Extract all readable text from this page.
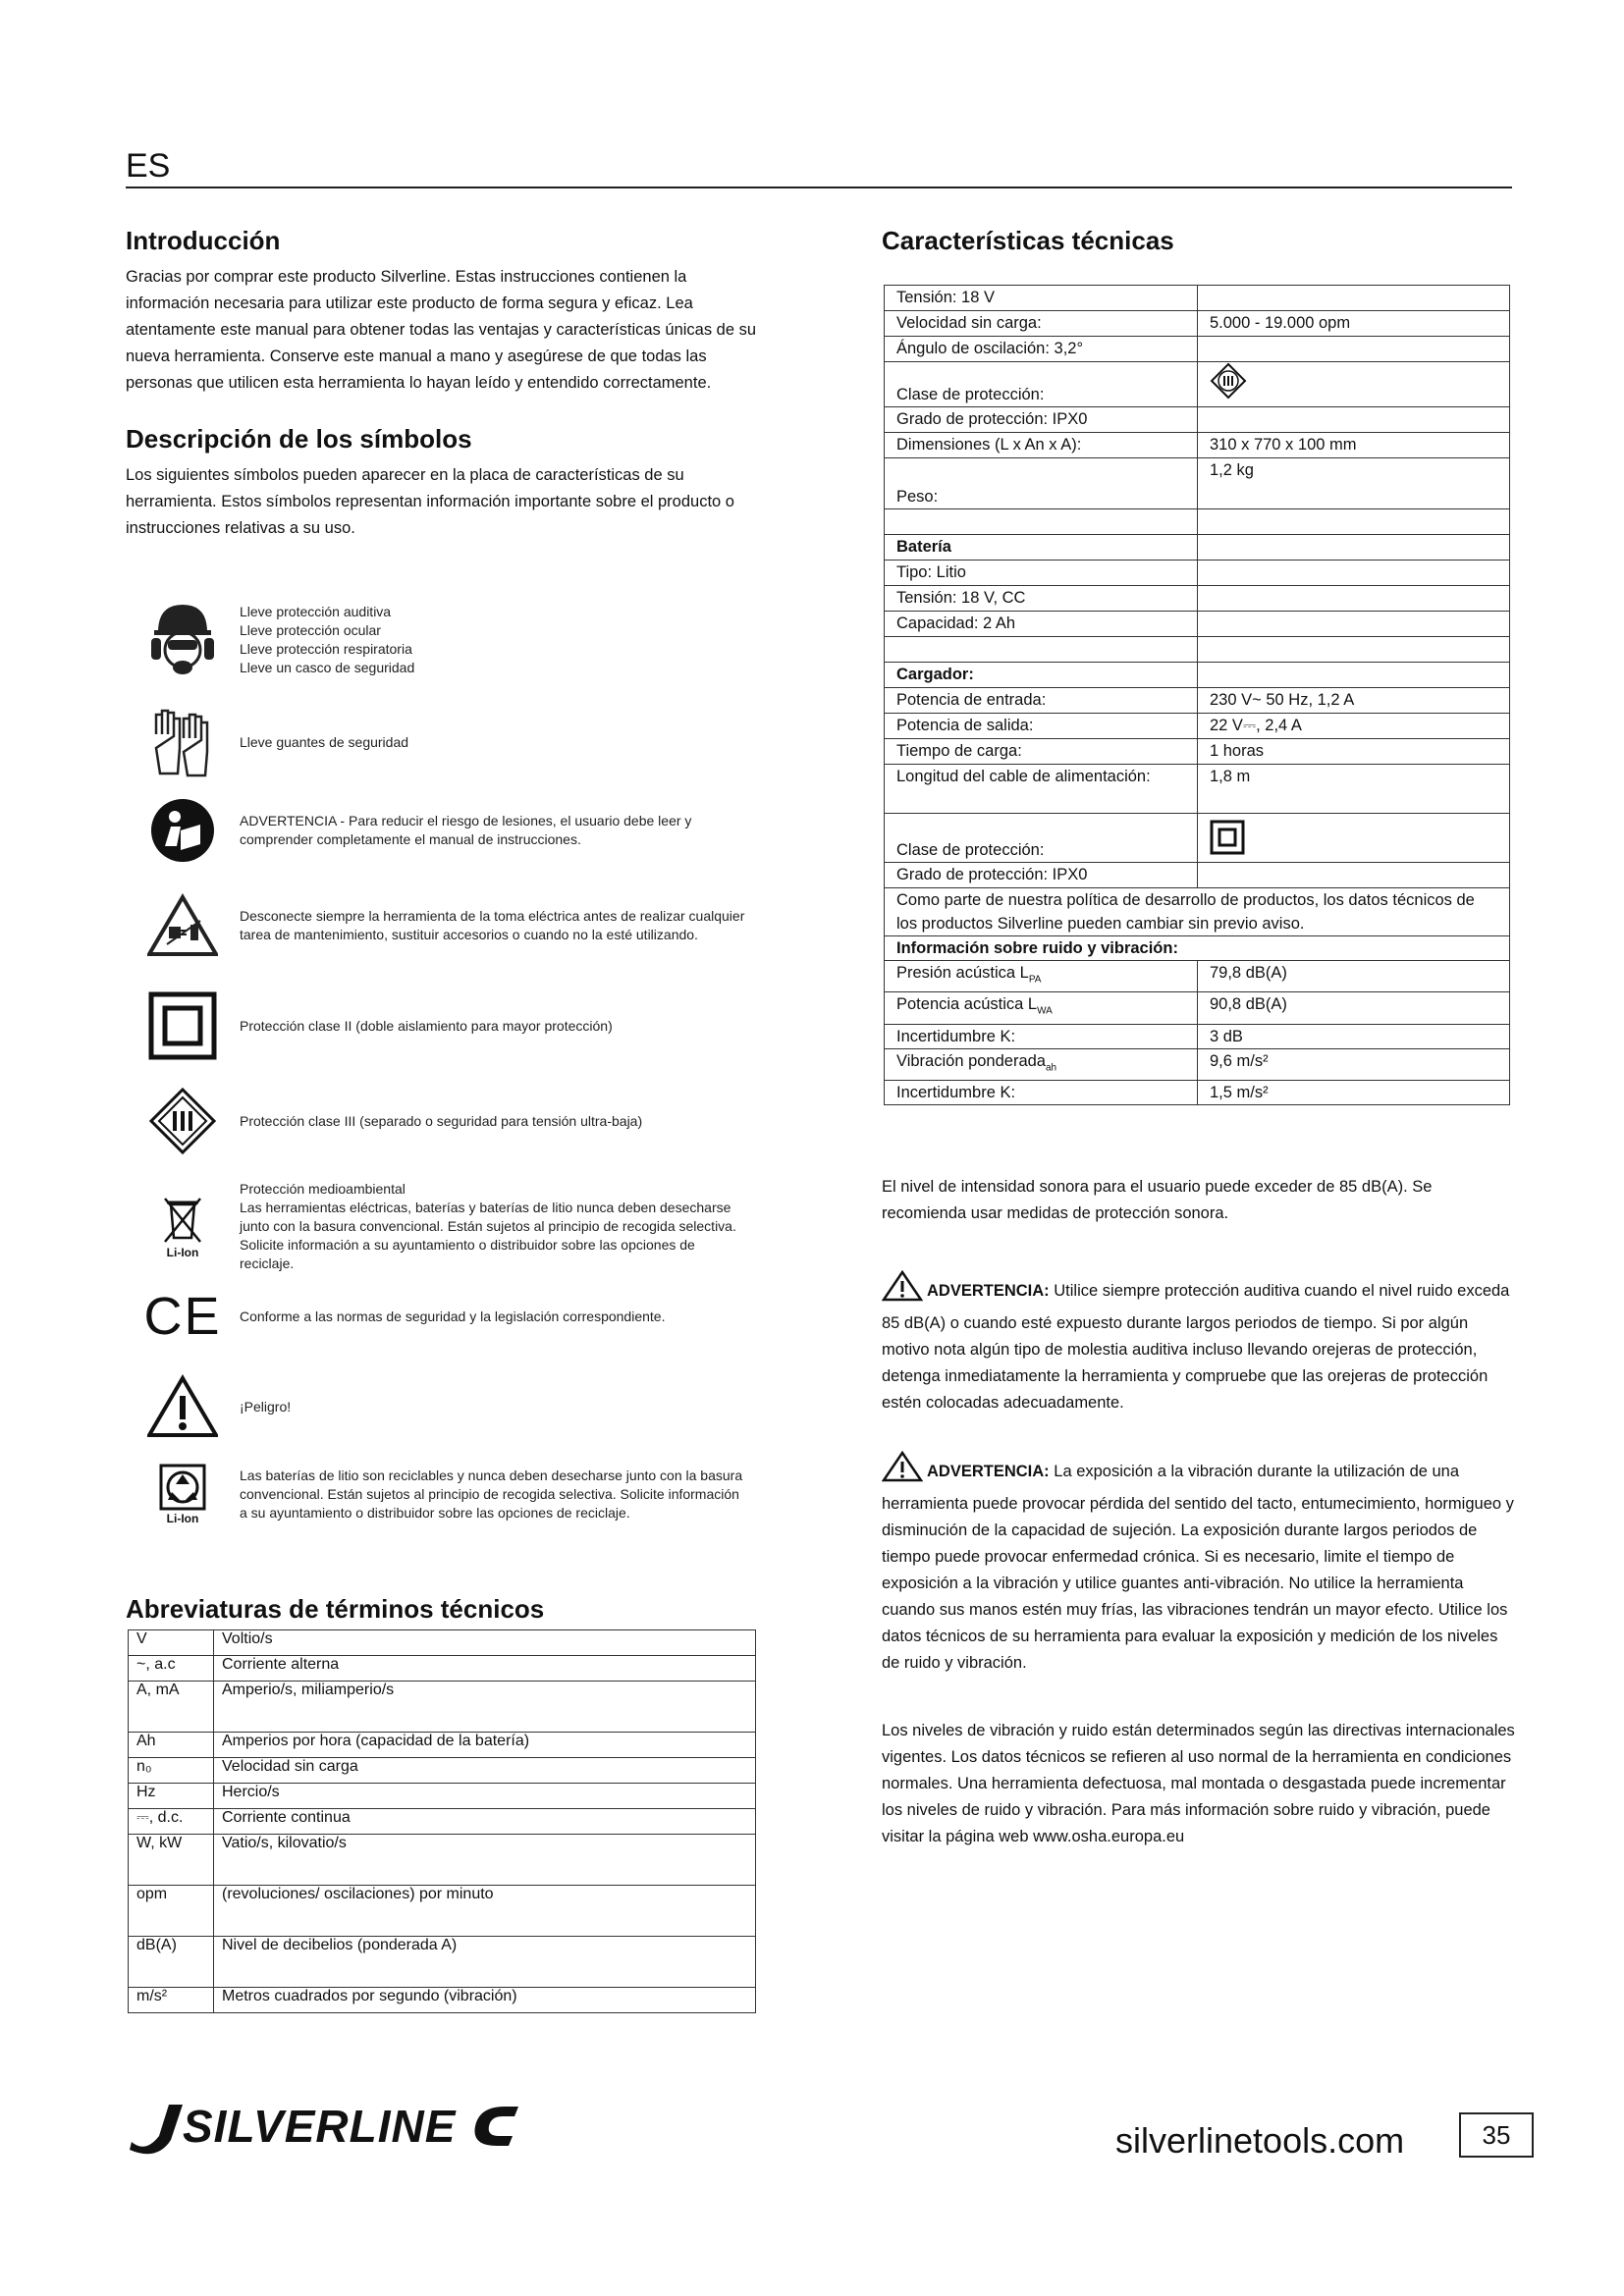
ES
Introducción

Gracias por comprar este producto Silverline. Estas instrucciones contienen la información necesaria para utilizar este producto de forma segura y eficaz. Lea atentamente este manual para obtener todas las ventajas y características únicas de su nueva herramienta. Conserve este manual a mano y asegúrese de que todas las personas que utilicen esta herramienta lo hayan leído y entendido correctamente.

Descripción de los símbolos

Los siguientes símbolos pueden aparecer en la placa de características de su herramienta. Estos símbolos representan información importante sobre el producto o instrucciones relativas a su uso.

Lleve protección auditiva
Lleve protección ocular
Lleve protección respiratoria
Lleve un casco de seguridad
Lleve guantes de seguridad
ADVERTENCIA - Para reducir el riesgo de lesiones, el usuario debe leer y comprender completamente el manual de instrucciones.
Desconecte siempre la herramienta de la toma eléctrica antes de realizar cualquier tarea de mantenimiento, sustituir accesorios o cuando no la esté utilizando.
Protección clase II (doble aislamiento para mayor protección)
Protección clase III (separado o seguridad para tensión ultra-baja)
Li-Ion
Protección medioambiental
Las herramientas eléctricas, baterías y baterías de litio nunca deben desecharse junto con la basura convencional. Están sujetos al principio de recogida selectiva. Solicite información a su ayuntamiento o distribuidor sobre las opciones de reciclaje.
CE Conforme a las normas de seguridad y la legislación correspondiente.
¡Peligro!
Li-Ion
Las baterías de litio son reciclables y nunca deben desecharse junto con la basura convencional. Están sujetos al principio de recogida selectiva. Solicite información a su ayuntamiento o distribuidor sobre las opciones de reciclaje.
Abreviaturas de términos técnicos
V	Voltio/s
~, a.c	Corriente alterna
A, mA	Amperio/s, miliamperio/s
Ah	Amperios por hora (capacidad de la batería)
n₀	Velocidad sin carga
Hz	Hercio/s
⎓, d.c.	Corriente continua
W, kW	Vatio/s, kilovatio/s
opm	(revoluciones/ oscilaciones) por minuto
dB(A)	Nivel de decibelios (ponderada A)
m/s²	Metros cuadrados por segundo (vibración)
Características técnicas
Tensión: 18 V	
Velocidad sin carga:	5.000 - 19.000 opm
Ángulo de oscilación: 3,2°	
Clase de protección:	
Grado de protección: IPX0	
Dimensiones (L x An x A):	310 x 770 x 100 mm
Peso:	1,2 kg

Batería	
Tipo: Litio	
Tensión: 18 V, CC	
Capacidad: 2 Ah	

Cargador:	
Potencia de entrada:	230 V~ 50 Hz, 1,2 A
Potencia de salida:	22 V⎓, 2,4 A
Tiempo de carga:	1 horas
Longitud del cable de alimentación:	1,8 m
Clase de protección:	
Grado de protección: IPX0	
Como parte de nuestra política de desarrollo de productos, los datos técnicos de los productos Silverline pueden cambiar sin previo aviso.	
Información sobre ruido y vibración:	
Presión acústica $L_{PA}$	79,8 dB(A)
Potencia acústica $L_{WA}$	90,8 dB(A)
Incertidumbre K:	3 dB
Vibración ponderada$_{ah}$	9,6 m/s²
Incertidumbre K:	1,5 m/s²
El nivel de intensidad sonora para el usuario puede exceder de 85 dB(A). Se recomienda usar medidas de protección sonora.
ADVERTENCIA: Utilice siempre protección auditiva cuando el nivel ruido exceda 85 dB(A) o cuando esté expuesto durante largos periodos de tiempo. Si por algún motivo nota algún tipo de molestia auditiva incluso llevando orejeras de protección, detenga inmediatamente la herramienta y compruebe que las orejeras de protección estén colocadas adecuadamente.
ADVERTENCIA: La exposición a la vibración durante la utilización de una herramienta puede provocar pérdida del sentido del tacto, entumecimiento, hormigueo y disminución de la capacidad de sujeción. La exposición durante largos periodos de tiempo puede provocar enfermedad crónica. Si es necesario, limite el tiempo de exposición a la vibración y utilice guantes anti-vibración. No utilice la herramienta cuando sus manos estén muy frías, las vibraciones tendrán un mayor efecto. Utilice los datos técnicos de su herramienta para evaluar la exposición y medición de los niveles de ruido y vibración.
Los niveles de vibración y ruido están determinados según las directivas internacionales vigentes. Los datos técnicos se refieren al uso normal de la herramienta en condiciones normales. Una herramienta defectuosa, mal montada o desgastada puede incrementar los niveles de ruido y vibración. Para más información sobre ruido y vibración, puede visitar la página web www.osha.europa.eu
SILVERLINE	silverlinetools.com	35
